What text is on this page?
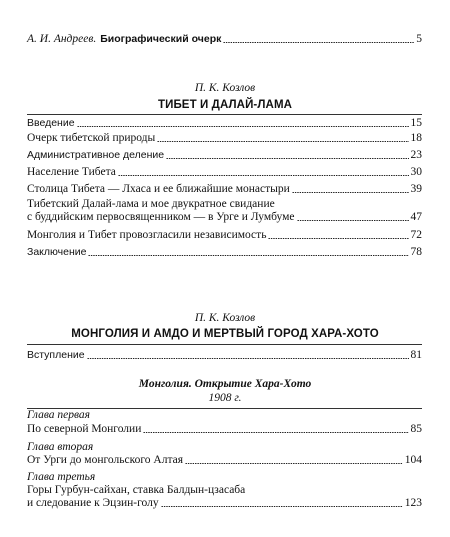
А. И. Андреев. Биографический очерк	5
П. К. Козлов
ТИБЕТ И ДАЛАЙ-ЛАМА
Введение	15
Очерк тибетской природы	18
Административное деление	23
Население Тибета	30
Столица Тибета — Лхаса и ее ближайшие монастыри	39
Тибетский Далай-лама и мое двукратное свидание
с буддийским первосвященником — в Урге и Лумбуме	47
Монголия и Тибет провозгласили независимость	72
Заключение	78
П. К. Козлов
МОНГОЛИЯ И АМДО И МЕРТВЫЙ ГОРОД ХАРА-ХОТО
Вступление	81
Монголия. Открытие Хара-Хото
1908 г.
Глава первая
По северной Монголии	85
Глава вторая
От Урги до монгольского Алтая	104
Глава третья
Горы Гурбун-сайхан, ставка Балдын-цзасаба
и следование к Эцзин-голу	123
